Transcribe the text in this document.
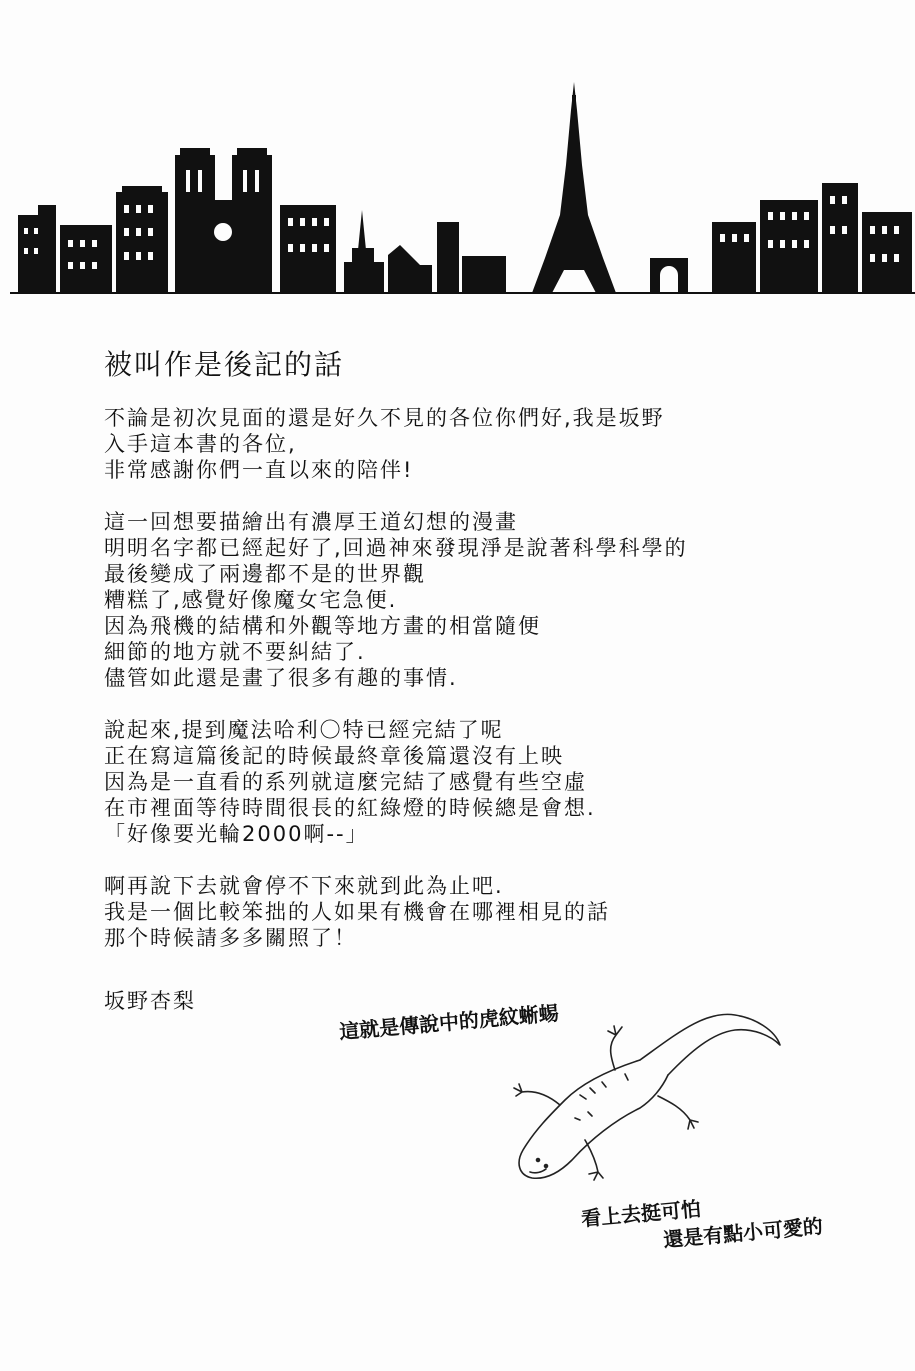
被叫作是後記的話

不論是初次見面的還是好久不見的各位你們好,我是坂野
入手這本書的各位,
非常感謝你們一直以來的陪伴!

這一回想要描繪出有濃厚王道幻想的漫畫
明明名字都已經起好了,回過神來發現淨是說著科學科學的
最後變成了兩邊都不是的世界觀
糟糕了,感覺好像魔女宅急便.
因為飛機的結構和外觀等地方畫的相當隨便
細節的地方就不要糾結了.
儘管如此還是畫了很多有趣的事情.

說起來,提到魔法哈利〇特已經完結了呢
正在寫這篇後記的時候最終章後篇還沒有上映
因為是一直看的系列就這麼完結了感覺有些空虛
在市裡面等待時間很長的紅綠燈的時候總是會想.
「好像要光輪2000啊--」

啊再說下去就會停不下來就到此為止吧.
我是一個比較笨拙的人如果有機會在哪裡相見的話
那个時候請多多關照了！

坂野杏梨	這就是傳說中的虎紋蜥蜴
看上去挺可怕
還是有點小可愛的
